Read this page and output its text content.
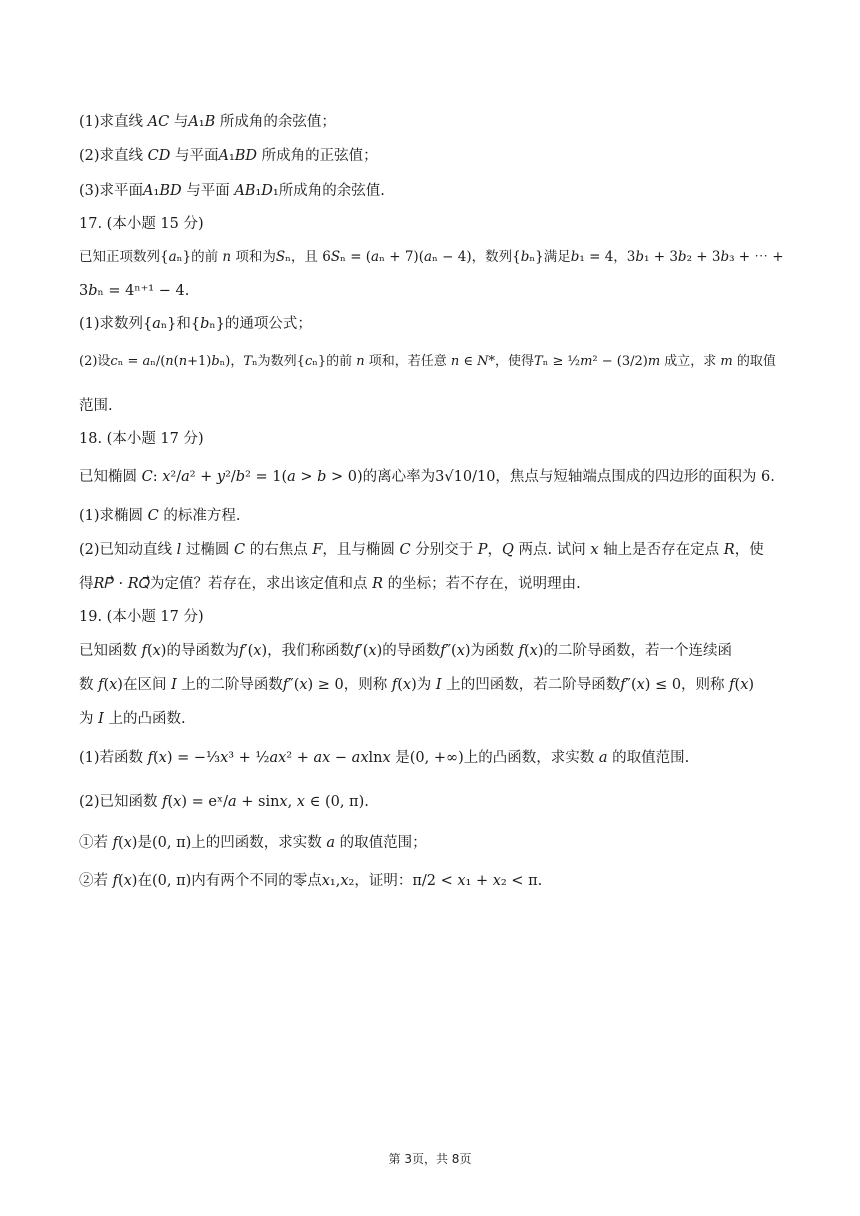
(1)求直线 𝐴𝐶 与𝐴₁𝐵 所成角的余弦值；
(2)求直线 𝐶𝐷 与平面𝐴₁𝐵𝐷 所成角的正弦值；
(3)求平面𝐴₁𝐵𝐷 与平面 𝐴𝐵₁𝐷₁所成角的余弦值.
17. (本小题 15 分)
已知正项数列{𝑎ₙ}的前 𝑛 项和为𝑆ₙ，且 6𝑆ₙ = (𝑎ₙ + 7)(𝑎ₙ − 4)，数列{𝑏ₙ}满足𝑏₁ = 4，3𝑏₁ + 3𝑏₂ + 3𝑏₃ + ⋯ +
3𝑏ₙ = 4ⁿ⁺¹ − 4.
(1)求数列{𝑎ₙ}和{𝑏ₙ}的通项公式；
(2)设𝑐ₙ = 𝑎ₙ/(𝑛(𝑛+1)𝑏ₙ)，𝑇ₙ为数列{𝑐ₙ}的前 𝑛 项和，若任意 𝑛 ∈ 𝑁*，使得𝑇ₙ ≥ ½𝑚² − (3/2)𝑚 成立，求 𝑚 的取值
范围.
18. (本小题 17 分)
已知椭圆 𝐶: 𝑥²/𝑎² + 𝑦²/𝑏² = 1(𝑎 > 𝑏 > 0)的离心率为3√10/10，焦点与短轴端点围成的四边形的面积为 6.
(1)求椭圆 𝐶 的标准方程.
(2)已知动直线 𝑙 过椭圆 𝐶 的右焦点 𝐹，且与椭圆 𝐶 分别交于 𝑃，𝑄 两点. 试问 𝑥 轴上是否存在定点 𝑅，使
得𝑅𝑃⃗ · 𝑅𝑄⃗为定值？若存在，求出该定值和点 𝑅 的坐标；若不存在，说明理由.
19. (本小题 17 分)
已知函数 𝑓(𝑥)的导函数为𝑓′(𝑥)，我们称函数𝑓′(𝑥)的导函数𝑓″(𝑥)为函数 𝑓(𝑥)的二阶导函数，若一个连续函
数 𝑓(𝑥)在区间 𝐼 上的二阶导函数𝑓″(𝑥) ≥ 0，则称 𝑓(𝑥)为 𝐼 上的凹函数，若二阶导函数𝑓″(𝑥) ≤ 0，则称 𝑓(𝑥)
为 𝐼 上的凸函数.
(1)若函数 𝑓(𝑥) = −⅓𝑥³ + ½𝑎𝑥² + 𝑎𝑥 − 𝑎𝑥ln𝑥 是(0, +∞)上的凸函数，求实数 𝑎 的取值范围.
(2)已知函数 𝑓(𝑥) = eˣ/𝑎 + sin𝑥, 𝑥 ∈ (0, π).
①若 𝑓(𝑥)是(0, π)上的凹函数，求实数 𝑎 的取值范围；
②若 𝑓(𝑥)在(0, π)内有两个不同的零点𝑥₁,𝑥₂，证明：π/2 < 𝑥₁ + 𝑥₂ < π.
第 3页，共 8页
